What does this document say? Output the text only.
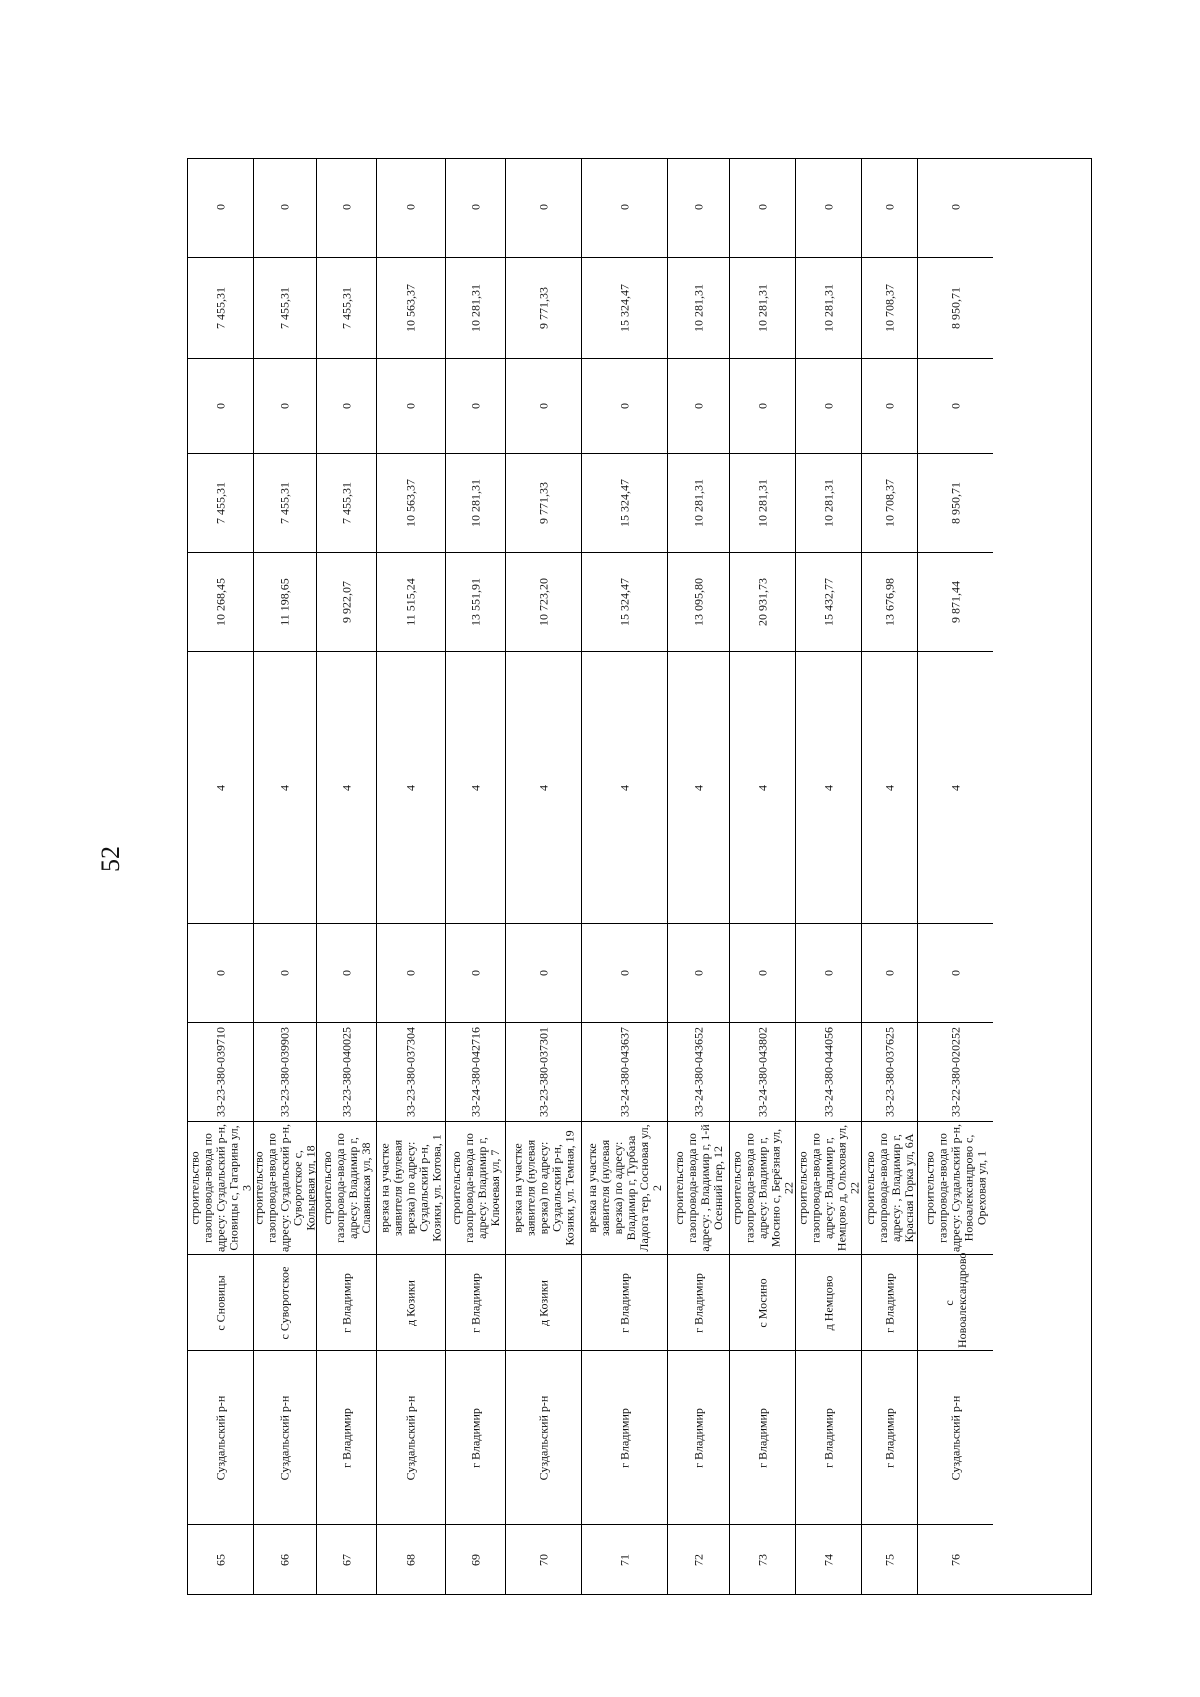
52
65
Суздальский р-н
с Сновицы
строительство газопровода-ввода по адресу: Суздальский р-н, Сновицы с, Гагарина ул, 3
33-23-380-039710
0
4
10 268,45
7 455,31
0
7 455,31
0
66
Суздальский р-н
с Суворотское
строительство газопровода-ввода по адресу: Суздальский р-н, Суворотское с, Кольцевая ул, 18
33-23-380-039903
0
4
11 198,65
7 455,31
0
7 455,31
0
67
г Владимир
г Владимир
строительство газопровода-ввода по адресу: Владимир г, Славянская ул, 38
33-23-380-040025
0
4
9 922,07
7 455,31
0
7 455,31
0
68
Суздальский р-н
д Козики
врезка на участке заявителя (нулевая врезка) по адресу: Суздальский р-н, Козики, ул. Котова, 1
33-23-380-037304
0
4
11 515,24
10 563,37
0
10 563,37
0
69
г Владимир
г Владимир
строительство газопровода-ввода по адресу: Владимир г, Ключевая ул, 7
33-24-380-042716
0
4
13 551,91
10 281,31
0
10 281,31
0
70
Суздальский р-н
д Козики
врезка на участке заявителя (нулевая врезка) по адресу: Суздальский р-н, Козики, ул. Темная, 19
33-23-380-037301
0
4
10 723,20
9 771,33
0
9 771,33
0
71
г Владимир
г Владимир
врезка на участке заявителя (нулевая врезка) по адресу: Владимир г, Турбаза Ладога тер, Сосновая ул, 2
33-24-380-043637
0
4
15 324,47
15 324,47
0
15 324,47
0
72
г Владимир
г Владимир
строительство газопровода-ввода по адресу: , Владимир г, 1-й Осенний пер, 12
33-24-380-043652
0
4
13 095,80
10 281,31
0
10 281,31
0
73
г Владимир
с Мосино
строительство газопровода-ввода по адресу: Владимир г, Мосино с, Берёзная ул, 22
33-24-380-043802
0
4
20 931,73
10 281,31
0
10 281,31
0
74
г Владимир
д Немцово
строительство газопровода-ввода по адресу: Владимир г, Немцово д, Ольховая ул, 22
33-24-380-044056
0
4
15 432,77
10 281,31
0
10 281,31
0
75
г Владимир
г Владимир
строительство газопровода-ввода по адресу: , Владимир г, Красная Горка ул, 6А
33-23-380-037625
0
4
13 676,98
10 708,37
0
10 708,37
0
76
Суздальский р-н
с Новоалександрово
строительство газопровода-ввода по адресу: Суздальский р-н, Новоалександрово с, Ореховая ул, 1
33-22-380-020252
0
4
9 871,44
8 950,71
0
8 950,71
0
